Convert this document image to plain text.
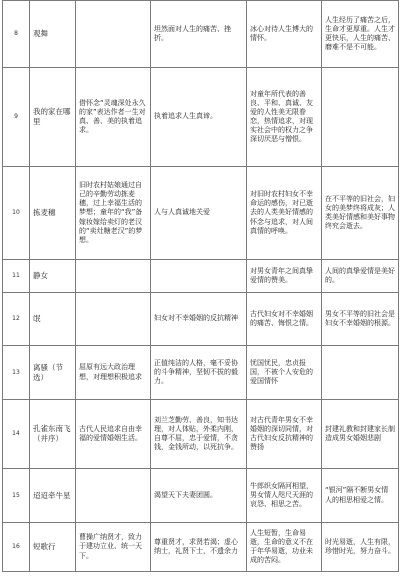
8	观舞		坦然面对人生的痛苦、挫折。	冰心对待人生博大的情怀。	人生经历了痛苦之后，生命才更厚重。人生才更快乐，人生的痛苦、磨难不是不可能。
9	我的家在哪里	借怀念“灵魂深处永久的家”表达作者一生对真、善、美的执着追求。	执着追求人生真谛。	对童年所代表的善良、平和、真诚、友爱的人性美无限眷恋，热情追求，对现实社会中的权力之争深切厌恶与憎恨。	
10	拣麦穗	旧时农村姑娘通过自己的辛勤劳动拣麦穗，过上幸福生活的梦想；童年的“我”备嫁妆嫁给卖灯的老汉的“卖灶糖老汉”的梦想。	人与人真诚地关爱	对旧时农村妇女不幸命运的感伤，对已逝去的人类美好情感的怀念与追求，对人间真情的呼唤。	在不平等的旧社会，妇女的美梦终将成灰；人类美好情感和美好事物终究会逝去。
11	静女			对男女青年之间真挚爱情的赞美。	人间的真挚爱情是美好的。
12	氓		妇女对不幸婚姻的反抗精神	古代妇女对不幸婚姻的痛苦、悔恨之情。	男女不平等的旧社会是妇女不幸婚姻的根源。
13	离骚（节选）	屈原有远大政治理想，对理想积极追求	正值纯洁的人格，毫不妥协的斗争精神，坚韧不拔的毅力。	忧国忧民，忠贞报国，不被个人安危的爱国情怀	
14	孔雀东南飞（并序）	古代人民追求自由幸福的爱情婚姻生活。	刘兰芝勤劳、善良，知书达理，对人体贴，外柔内刚，自尊不屈，忠于爱情，不贪钱，金钱所动，以死抗争。	对古代青年男女不幸婚姻的深切同情，对古代妇女反抗精神的赞扬	封建礼教和封建家长制造成男女婚姻悲剧
15	迢迢牵牛星		渴望天下夫妻团圆。	牛郎织女隔河相望，男女情人咫尺天涯的哀怨、相思之苦。	“银河”隔不断男女情人的相思相爱之情。
16	短歌行	曹操广纳贤才，致力于建功立业、统一天下。	尊重贤才，求贤若渴；虚心纳士，礼贤下士，不遗余力	人生短暂，生命易逝，生命的意义不在于年华易逝，功业未成的苦闷。	时光易逝，人生有限，珍惜时光，努力奋斗。
